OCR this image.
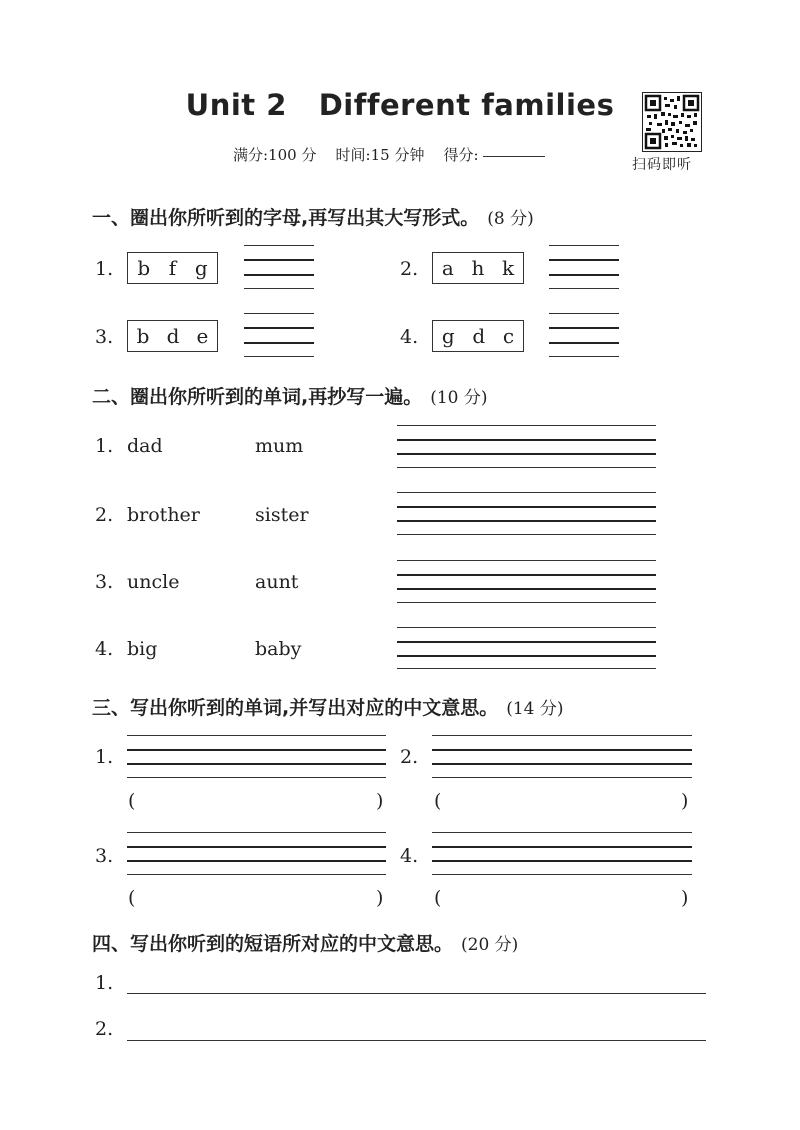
Unit 2   Different families
满分:100 分 时间:15 分钟 得分:
扫码即听
一、圈出你所听到的字母,再写出其大写形式。 (8 分)
1. b f g	2. a h k
3. b d e	4. g d c
二、圈出你所听到的单词,再抄写一遍。 (10 分)
1. dad	mum
2. brother	sister
3. uncle	aunt
4. big	baby
三、写出你听到的单词,并写出对应的中文意思。 (14 分)
1.
(	)
2.
(	)
3.
(	)
4.
(	)
四、写出你听到的短语所对应的中文意思。 (20 分)
1.
2.
